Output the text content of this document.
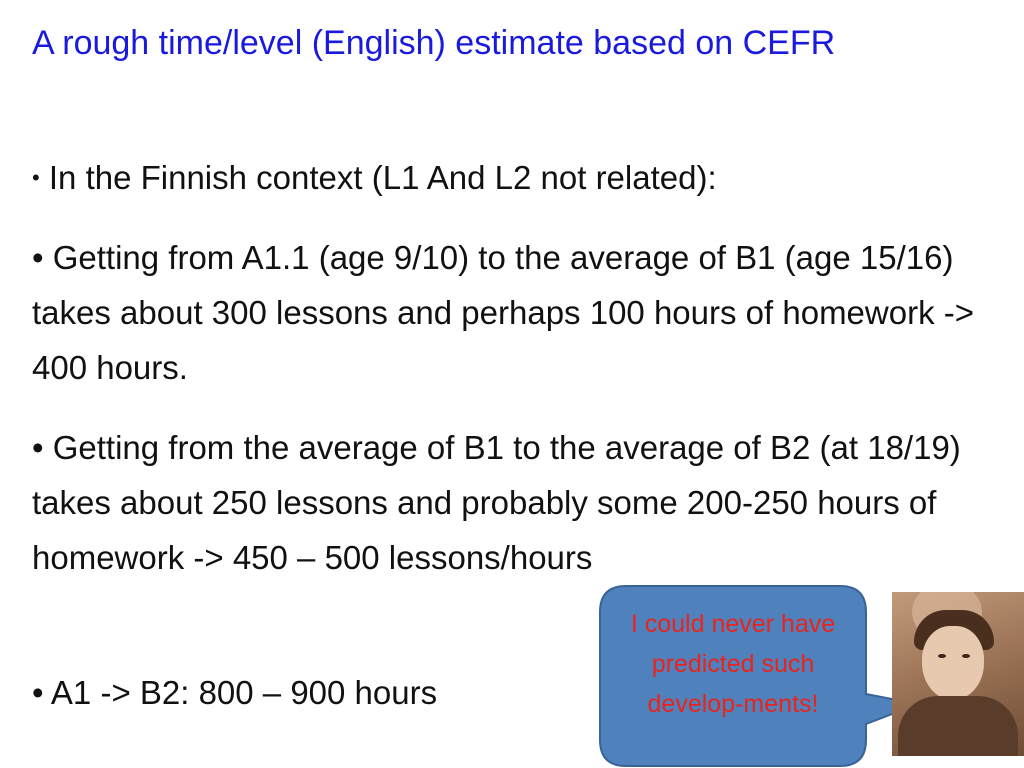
A rough time/level (English) estimate based on CEFR
• In the Finnish context (L1 And L2 not related):
• Getting from A1.1 (age 9/10) to the average of B1 (age 15/16) takes about 300 lessons and perhaps 100 hours of homework -> 400 hours.
• Getting from the average of B1 to the average of B2 (at 18/19) takes about 250 lessons and probably some 200-250 hours of homework -> 450 – 500 lessons/hours
• A1 -> B2: 800 – 900 hours
I could never have predicted such develop-ments!
